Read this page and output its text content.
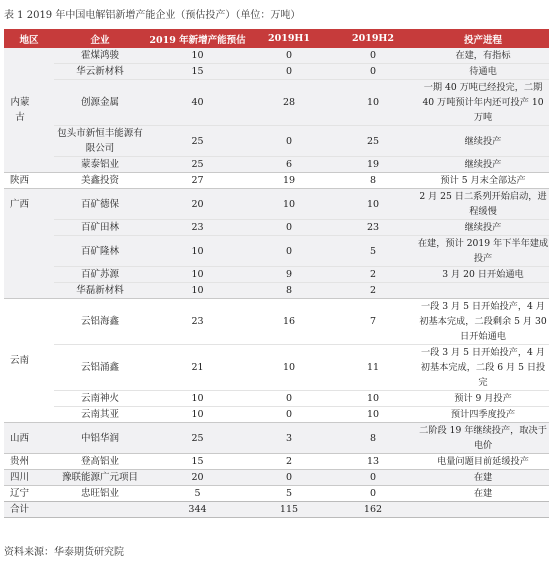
表 1 2019 年中国电解铝新增产能企业（预估投产）（单位：万吨）
地区	企业	2019 年新增产能预估	2019H1	2019H2	投产进程
内蒙古	霍煤鸿骏	10	0	0	在建，有指标
	华云新材料	15	0	0	待通电
	创源金属	40	28	10	一期 40 万吨已经投完，二期 40 万吨预计年内还可投产 10 万吨
	包头市新恒丰能源有限公司	25	0	25	继续投产
	蒙泰铝业	25	6	19	继续投产
陕西	美鑫投资	27	19	8	预计 5 月末全部达产
广西	百矿德保	20	10	10	2 月 25 日二系列开始启动，进程缓慢
	百矿田林	23	0	23	继续投产
	百矿隆林	10	0	5	在建，预计 2019 年下半年建成投产
	百矿苏源	10	9	2	3 月 20 日开始通电
	华磊新材料	10	8	2	
云南	云铝海鑫	23	16	7	一段 3 月 5 日开始投产，4 月初基本完成，二段剩余 5 月 30 日开始通电
	云铝涌鑫	21	10	11	一段 3 月 5 日开始投产，4 月初基本完成，二段 6 月 5 日投完
	云南神火	10	0	10	预计 9 月投产
	云南其亚	10	0	10	预计四季度投产
山西	中铝华润	25	3	8	二阶段 19 年继续投产，取决于电价
贵州	登高铝业	15	2	13	电量问题目前延缓投产
四川	豫联能源广元项目	20	0	0	在建
辽宁	忠旺铝业	5	5	0	在建
合计		344	115	162	
资料来源：华泰期货研究院
